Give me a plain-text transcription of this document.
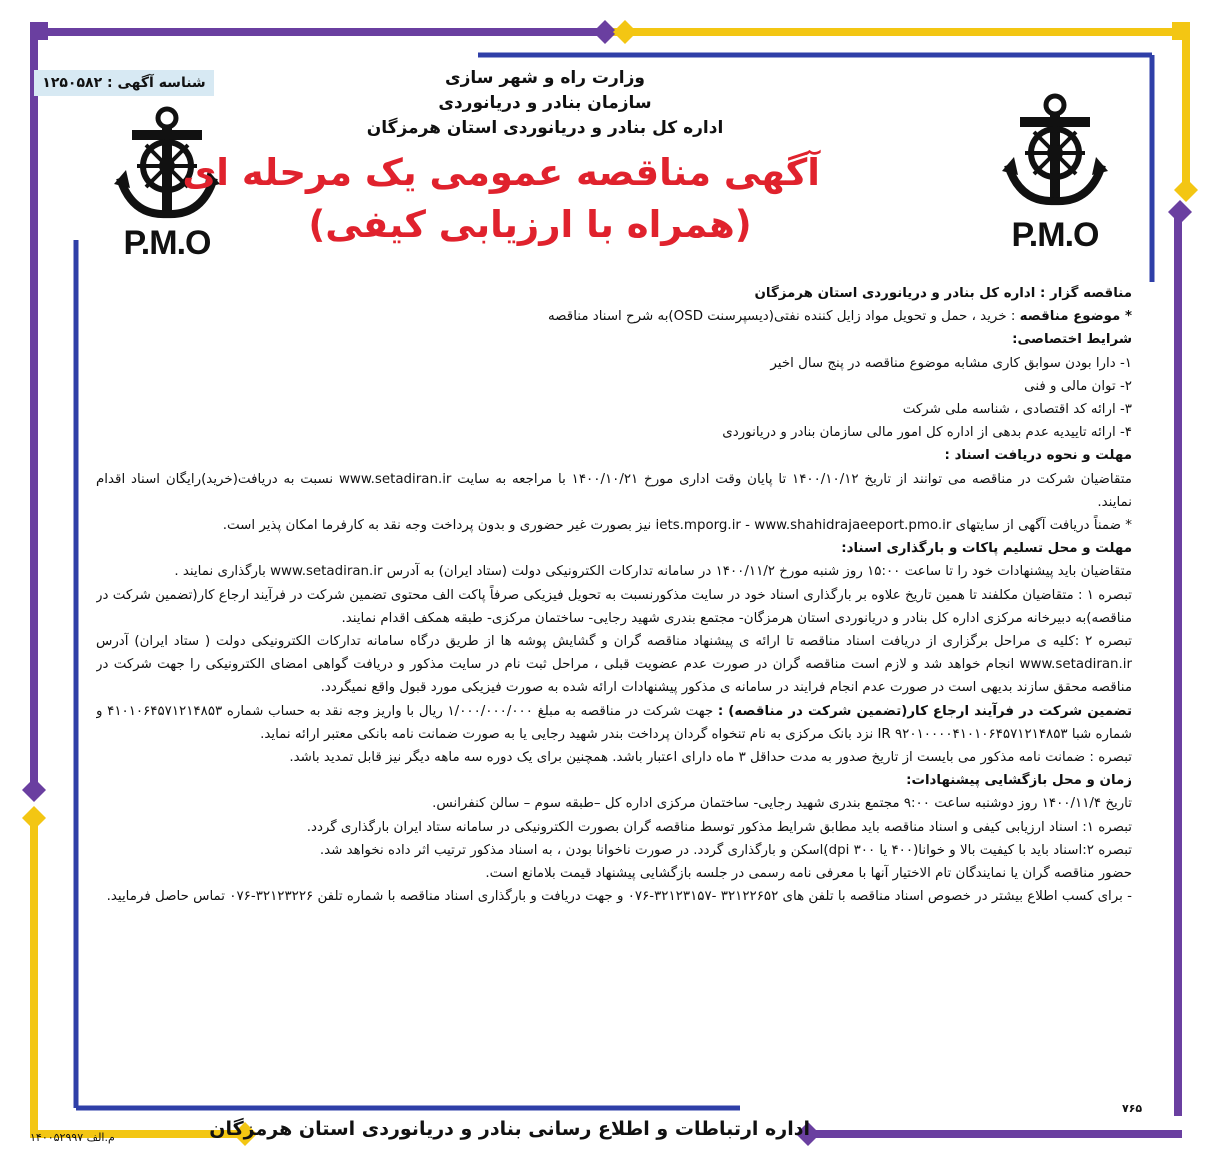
شناسه آگهی : ۱۲۵۰۵۸۲
P.M.O	P.M.O
وزارت راه و شهر سازی
سازمان بنادر و دریانوردی
اداره کل بنادر و دریانوردی استان هرمزگان
آگهی مناقصه عمومی یک مرحله ای
(همراه با ارزیابی کیفی)

مناقصه گزار : اداره کل بنادر و دریانوردی استان هرمزگان

* موضوع مناقصه : خرید ، حمل و تحویل مواد زایل کننده نفتی(دیسپرسنت OSD)به شرح اسناد مناقصه

شرایط اختصاصی:

۱- دارا بودن سوابق کاری مشابه موضوع مناقصه در پنج سال اخیر

۲- توان مالی و فنی

۳- ارائه کد اقتصادی ، شناسه ملی شرکت

۴- ارائه تاییدیه عدم بدهی از اداره کل امور مالی سازمان بنادر و دریانوردی

مهلت و نحوه دریافت اسناد :

متقاضیان شرکت در مناقصه می توانند از تاریخ ۱۴۰۰/۱۰/۱۲ تا پایان وقت اداری مورخ ۱۴۰۰/۱۰/۲۱ با مراجعه به سایت www.setadiran.ir نسبت به دریافت(خرید)رایگان اسناد اقدام نمایند.

* ضمناً دریافت آگهی از سایتهای iets.mporg.ir - www.shahidrajaeeport.pmo.ir نیز بصورت غیر حضوری و بدون پرداخت وجه نقد به کارفرما امکان پذیر است.

مهلت و محل تسلیم پاکات و بارگذاری اسناد:

متقاضیان باید پیشنهادات خود را تا ساعت ۱۵:۰۰ روز شنبه مورخ ۱۴۰۰/۱۱/۲ در سامانه تدارکات الکترونیکی دولت (ستاد ایران) به آدرس www.setadiran.ir بارگذاری نمایند .

تبصره ۱ : متقاضیان مکلفند تا همین تاریخ علاوه بر بارگذاری اسناد خود در سایت مذکورنسبت به تحویل فیزیکی صرفاً پاکت الف محتوی تضمین شرکت در فرآیند ارجاع کار(تضمین شرکت در مناقصه)به دبیرخانه مرکزی اداره کل بنادر و دریانوردی استان هرمزگان- مجتمع بندری شهید رجایی- ساختمان مرکزی- طبقه همکف اقدام نمایند.

تبصره ۲ :کلیه ی مراحل برگزاری از دریافت اسناد مناقصه تا ارائه ی پیشنهاد مناقصه گران و گشایش پوشه ها از طریق درگاه سامانه تدارکات الکترونیکی دولت ( ستاد ایران) آدرس www.setadiran.ir انجام خواهد شد و لازم است مناقصه گران در صورت عدم عضویت قبلی ، مراحل ثبت نام در سایت مذکور و دریافت گواهی امضای الکترونیکی را جهت شرکت در مناقصه محقق سازند بدیهی است در صورت عدم انجام فرایند در سامانه ی مذکور پیشنهادات ارائه شده به صورت فیزیکی مورد قبول واقع نمیگردد.

تضمین شرکت در فرآیند ارجاع کار(تضمین شرکت در مناقصه) : جهت شرکت در مناقصه به مبلغ ۱/۰۰۰/۰۰۰/۰۰۰ ریال با واریز وجه نقد به حساب شماره ۴۱۰۱۰۶۴۵۷۱۲۱۴۸۵۳ و شماره شبا IR ۹۲۰۱۰۰۰۰۴۱۰۱۰۶۴۵۷۱۲۱۴۸۵۳ نزد بانک مرکزی به نام تنخواه گردان پرداخت بندر شهید رجایی یا به صورت ضمانت نامه بانکی معتبر ارائه نماید.

تبصره : ضمانت نامه مذکور می بایست از تاریخ صدور به مدت حداقل ۳ ماه دارای اعتبار باشد. همچنین برای یک دوره سه ماهه دیگر نیز قابل تمدید باشد.

زمان و محل بازگشایی پیشنهادات:

تاریخ ۱۴۰۰/۱۱/۴ روز دوشنبه ساعت ۹:۰۰ مجتمع بندری شهید رجایی- ساختمان مرکزی اداره کل –طبقه سوم – سالن کنفرانس.

تبصره ۱: اسناد ارزیابی کیفی و اسناد مناقصه باید مطابق شرایط مذکور توسط مناقصه گران بصورت الکترونیکی در سامانه ستاد ایران بارگذاری گردد.

تبصره ۲:اسناد باید با کیفیت بالا و خوانا(۴۰۰ یا ۳۰۰ dpi)اسکن و بارگذاری گردد. در صورت ناخوانا بودن ، به اسناد مذکور ترتیب اثر داده نخواهد شد.

حضور مناقصه گران یا نمایندگان تام الاختیار آنها با معرفی نامه رسمی در جلسه بازگشایی پیشنهاد قیمت بلامانع است.

- برای کسب اطلاع بیشتر در خصوص اسناد مناقصه با تلفن های ۳۲۱۲۲۶۵۲ -۳۲۱۲۳۱۵۷-۰۷۶ و جهت دریافت و بارگذاری اسناد مناقصه با شماره تلفن ۳۲۱۲۳۲۲۶-۰۷۶ تماس حاصل فرمایید.

۷۶۵
اداره ارتباطات و اطلاع رسانی بنادر و دریانوردی استان هرمزگان
م.الف ۱۴۰۰۵۲۹۹۷
